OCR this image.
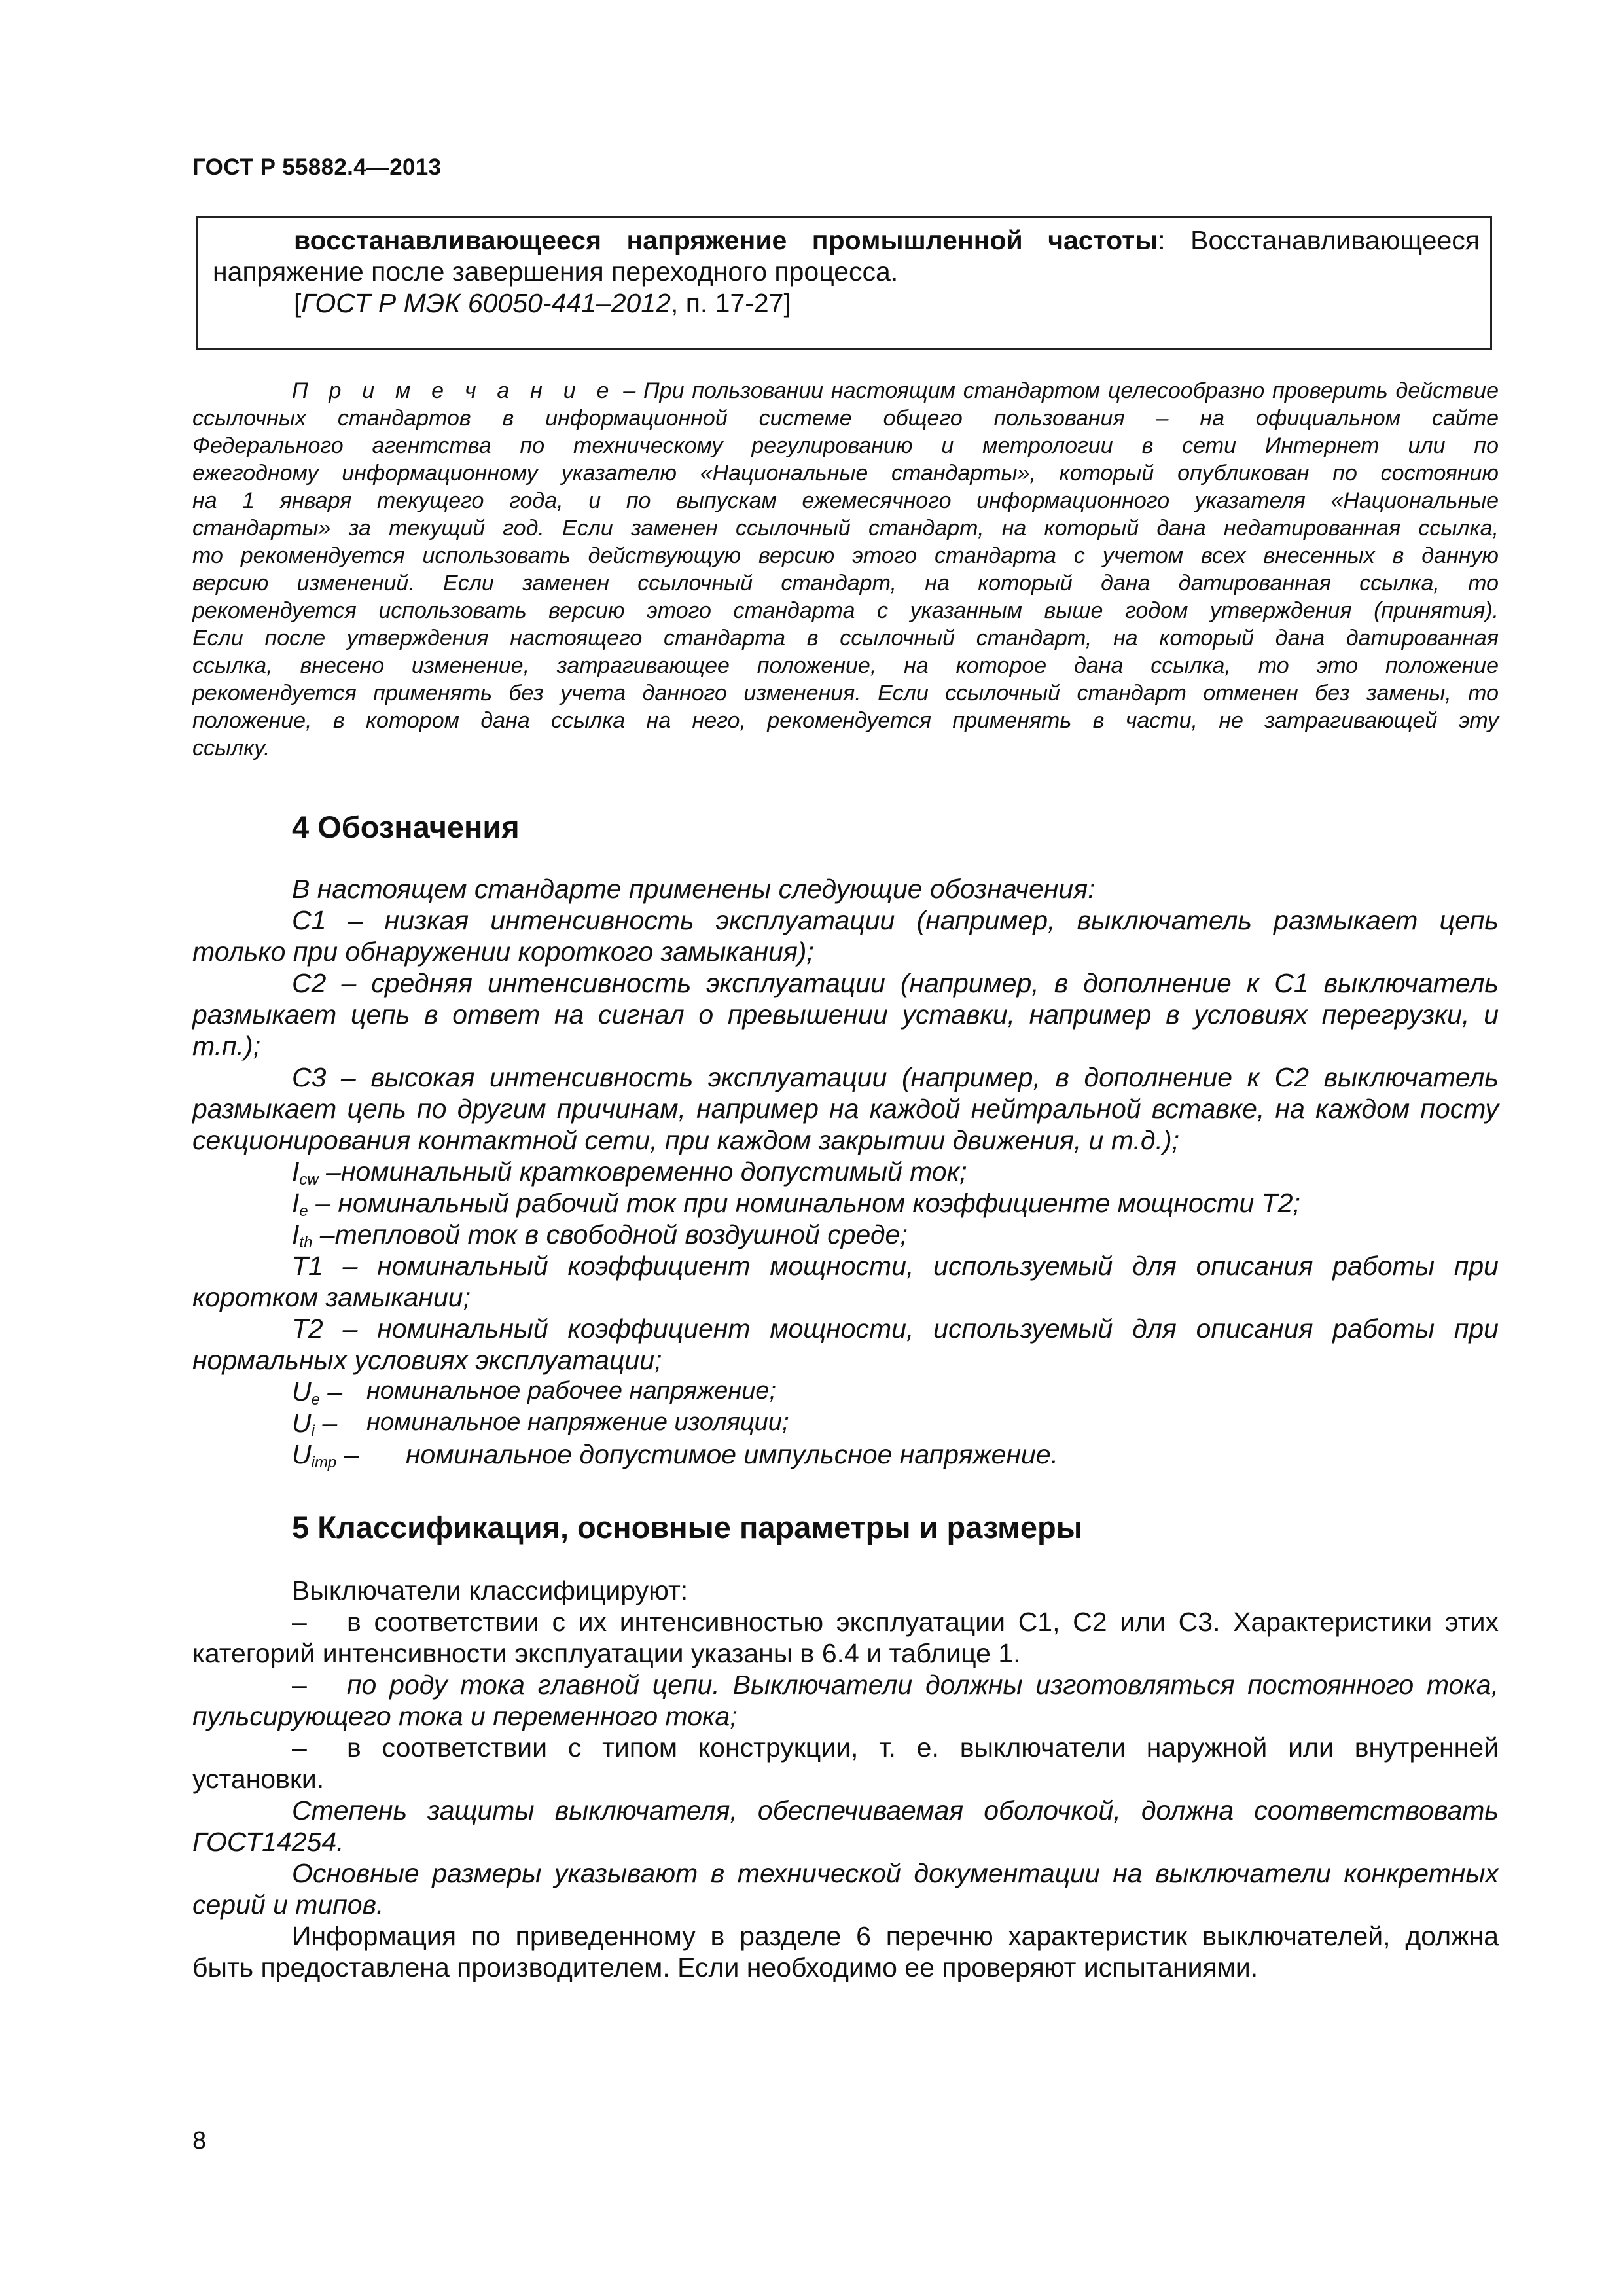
ГОСТ Р 55882.4—2013
восстанавливающееся напряжение промышленной частоты: Восстанавливающееся
напряжение после завершения переходного процесса.
[ГОСТ Р МЭК 60050-441–2012, п. 17-27]
П р и м е ч а н и е – При пользовании настоящим стандартом целесообразно проверить действие
ссылочных стандартов в информационной системе общего пользования – на официальном сайте
Федерального агентства по техническому регулированию и метрологии в сети Интернет или по
ежегодному информационному указателю «Национальные стандарты», который опубликован по состоянию
на 1 января текущего года, и по выпускам ежемесячного информационного указателя «Национальные
стандарты» за текущий год. Если заменен ссылочный стандарт, на который дана недатированная ссылка,
то рекомендуется использовать действующую версию этого стандарта с учетом всех внесенных в данную
версию изменений. Если заменен ссылочный стандарт, на который дана датированная ссылка, то
рекомендуется использовать версию этого стандарта с указанным выше годом утверждения (принятия).
Если после утверждения настоящего стандарта в ссылочный стандарт, на который дана датированная
ссылка, внесено изменение, затрагивающее положение, на которое дана ссылка, то это положение
рекомендуется применять без учета данного изменения. Если ссылочный стандарт отменен без замены, то
положение, в котором дана ссылка на него, рекомендуется применять в части, не затрагивающей эту
ссылку.
4 Обозначения
В настоящем стандарте применены следующие обозначения:
С1 – низкая интенсивность эксплуатации (например, выключатель размыкает цепь
только при обнаружении короткого замыкания);
С2 – средняя интенсивность эксплуатации (например, в дополнение к С1 выключатель
размыкает цепь в ответ на сигнал о превышении уставки, например в условиях перегрузки, и
т.п.);
С3 – высокая интенсивность эксплуатации (например, в дополнение к С2 выключатель
размыкает цепь по другим причинам, например на каждой нейтральной вставке, на каждом посту
секционирования контактной сети, при каждом закрытии движения, и т.д.);
$I_{cw}$ –номинальный кратковременно допустимый ток;
$I_e$ – номинальный рабочий ток при номинальном коэффициенте мощности T2;
$I_{th}$ –тепловой ток в свободной воздушной среде;
Т1 – номинальный коэффициент мощности, используемый для описания работы при
коротком замыкании;
Т2 – номинальный коэффициент мощности, используемый для описания работы при
нормальных условиях эксплуатации;
$U_e$ – номинальное рабочее напряжение;
$U_i$ – номинальное напряжение изоляции;
$U_{imp}$ – номинальное допустимое импульсное напряжение.
5 Классификация, основные параметры и размеры
Выключатели классифицируют:
– в соответствии с их интенсивностью эксплуатации С1, С2 или С3. Характеристики этих
категорий интенсивности эксплуатации указаны в 6.4 и таблице 1.
– по роду тока главной цепи. Выключатели должны изготовляться постоянного тока,
пульсирующего тока и переменного тока;
– в соответствии с типом конструкции, т. е. выключатели наружной или внутренней
установки.
Степень защиты выключателя, обеспечиваемая оболочкой, должна соответствовать
ГОСТ14254.
Основные размеры указывают в технической документации на выключатели конкретных
серий и типов.
Информация по приведенному в разделе 6 перечню характеристик выключателей, должна
быть предоставлена производителем. Если необходимо ее проверяют испытаниями.
8
